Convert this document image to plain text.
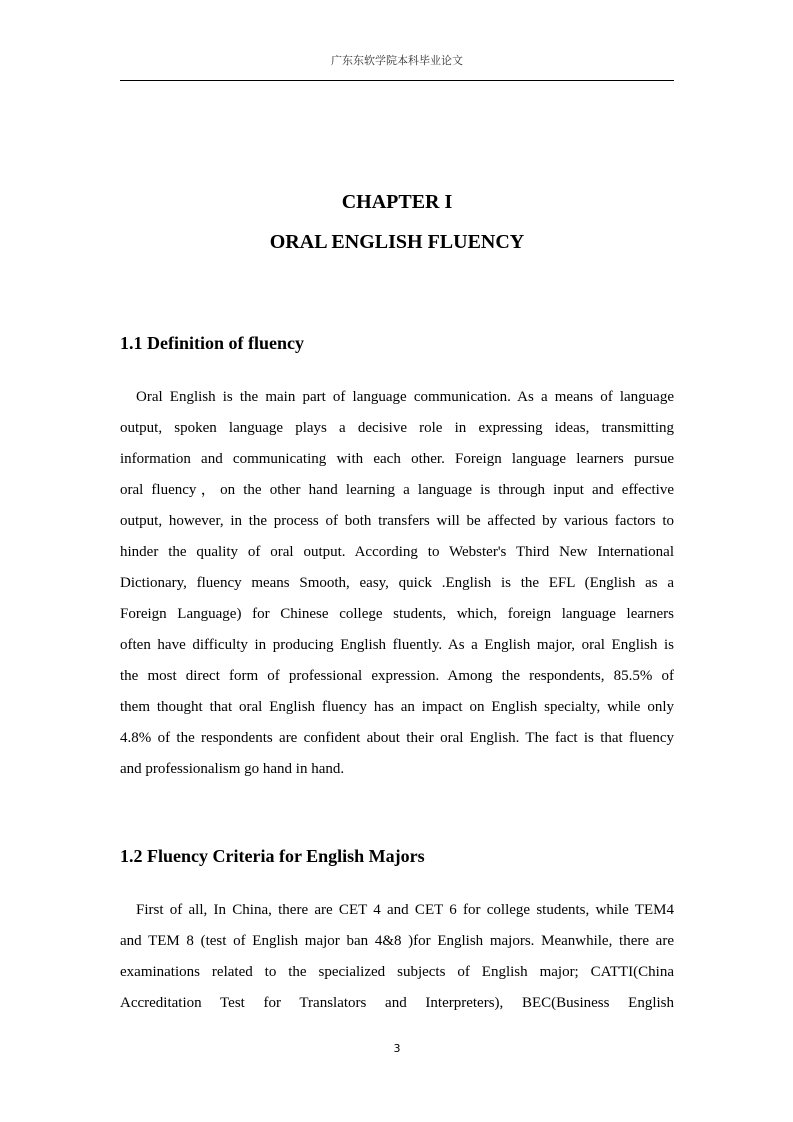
广东东软学院本科毕业论文
CHAPTER I
ORAL ENGLISH FLUENCY
1.1 Definition of fluency
Oral English is the main part of language communication. As a means of language
output, spoken language plays a decisive role in expressing ideas, transmitting
information and communicating with each other. Foreign language learners pursue
oral fluency，on the other hand learning a language is through input and effective
output, however, in the process of both transfers will be affected by various factors to
hinder the quality of oral output. According to Webster's Third New International
Dictionary, fluency means Smooth, easy, quick .English is the EFL (English as a
Foreign Language) for Chinese college students, which, foreign language learners
often have difficulty in producing English fluently. As a English major, oral English is
the most direct form of professional expression. Among the respondents, 85.5% of
them thought that oral English fluency has an impact on English specialty, while only
4.8% of the respondents are confident about their oral English. The fact is that fluency
and professionalism go hand in hand.
1.2 Fluency Criteria for English Majors
First of all, In China, there are CET 4 and CET 6 for college students, while TEM4
and TEM 8 (test of English major ban 4&8 )for English majors. Meanwhile, there are
examinations related to the specialized subjects of English major; CATTI(China
Accreditation Test for Translators and Interpreters), BEC(Business English
3
